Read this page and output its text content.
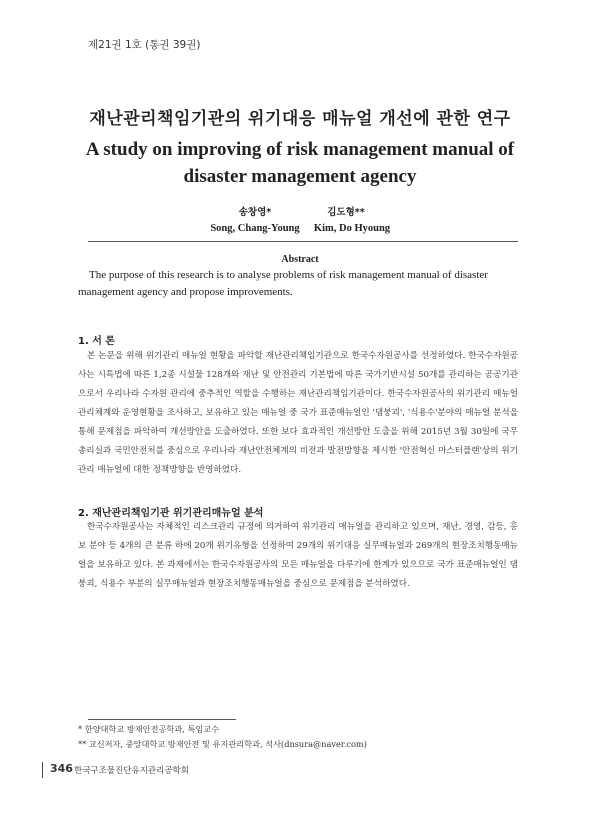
제21권 1호 (통권 39권)
재난관리책임기관의 위기대응 매뉴얼 개선에 관한 연구
A study on improving of risk management manual of disaster management agency
송창영*
Song, Chang-Young
김도형**
Kim, Do Hyoung
Abstract
The purpose of this research is to analyse problems of risk management manual of disaster management agency and propose improvements.
1. 서 론
본 논문을 위해 위기관리 매뉴얼 현황을 파악할 재난관리책임기관으로 한국수자원공사를 선정하였다. 한국수자원공사는 시특법에 따른 1,2종 시설물 128개와 재난 및 안전관리 기본법에 따른 국가기반시설 50개를 관리하는 공공기관으로서 우리나라 수자원 관리에 중추적인 역할을 수행하는 재난관리책임기관이다. 한국수자원공사의 위기관리 매뉴얼 관리체계와 운영현황을 조사하고, 보유하고 있는 매뉴얼 중 국가 표준매뉴얼인 '댐붕괴', '식용수'분야의 매뉴얼 분석을 통해 문제점을 파악하여 개선방안을 도출하였다. 또한 보다 효과적인 개선방안 도출을 위해 2015년 3월 30일에 국무총리실과 국민안전처를 중심으로 우리나라 재난안전체계의 비전과 발전방향을 제시한 '안전혁신 마스터플랜'상의 위기관리 매뉴얼에 대한 정책방향을 반영하였다.
2. 재난관리책임기관 위기관리매뉴얼 분석
한국수자원공사는 자체적인 리스크관리 규정에 의거하여 위기관리 매뉴얼을 관리하고 있으며, 재난, 경영, 감등, 홍보 분야 등 4개의 큰 분류 하에 20개 위기유형을 선정하여 29개의 위기대응 실무매뉴얼과 269개의 현장조치행동매뉴얼을 보유하고 있다. 본 과제에서는 한국수자원공사의 모든 매뉴얼을 다루기에 한계가 있으므로 국가 표준매뉴얼인 댐붕괴, 식용수 부분의 실무매뉴얼과 현장조치행동매뉴얼을 중심으로 문제점을 분석하였다.
* 한양대학교 방재안전공학과, 특임교수
** 교신저자, 중앙대학교 방재안전 및 유지관리학과, 석사(dnsura@naver.com)
346 한국구조물진단유지관리공학회
